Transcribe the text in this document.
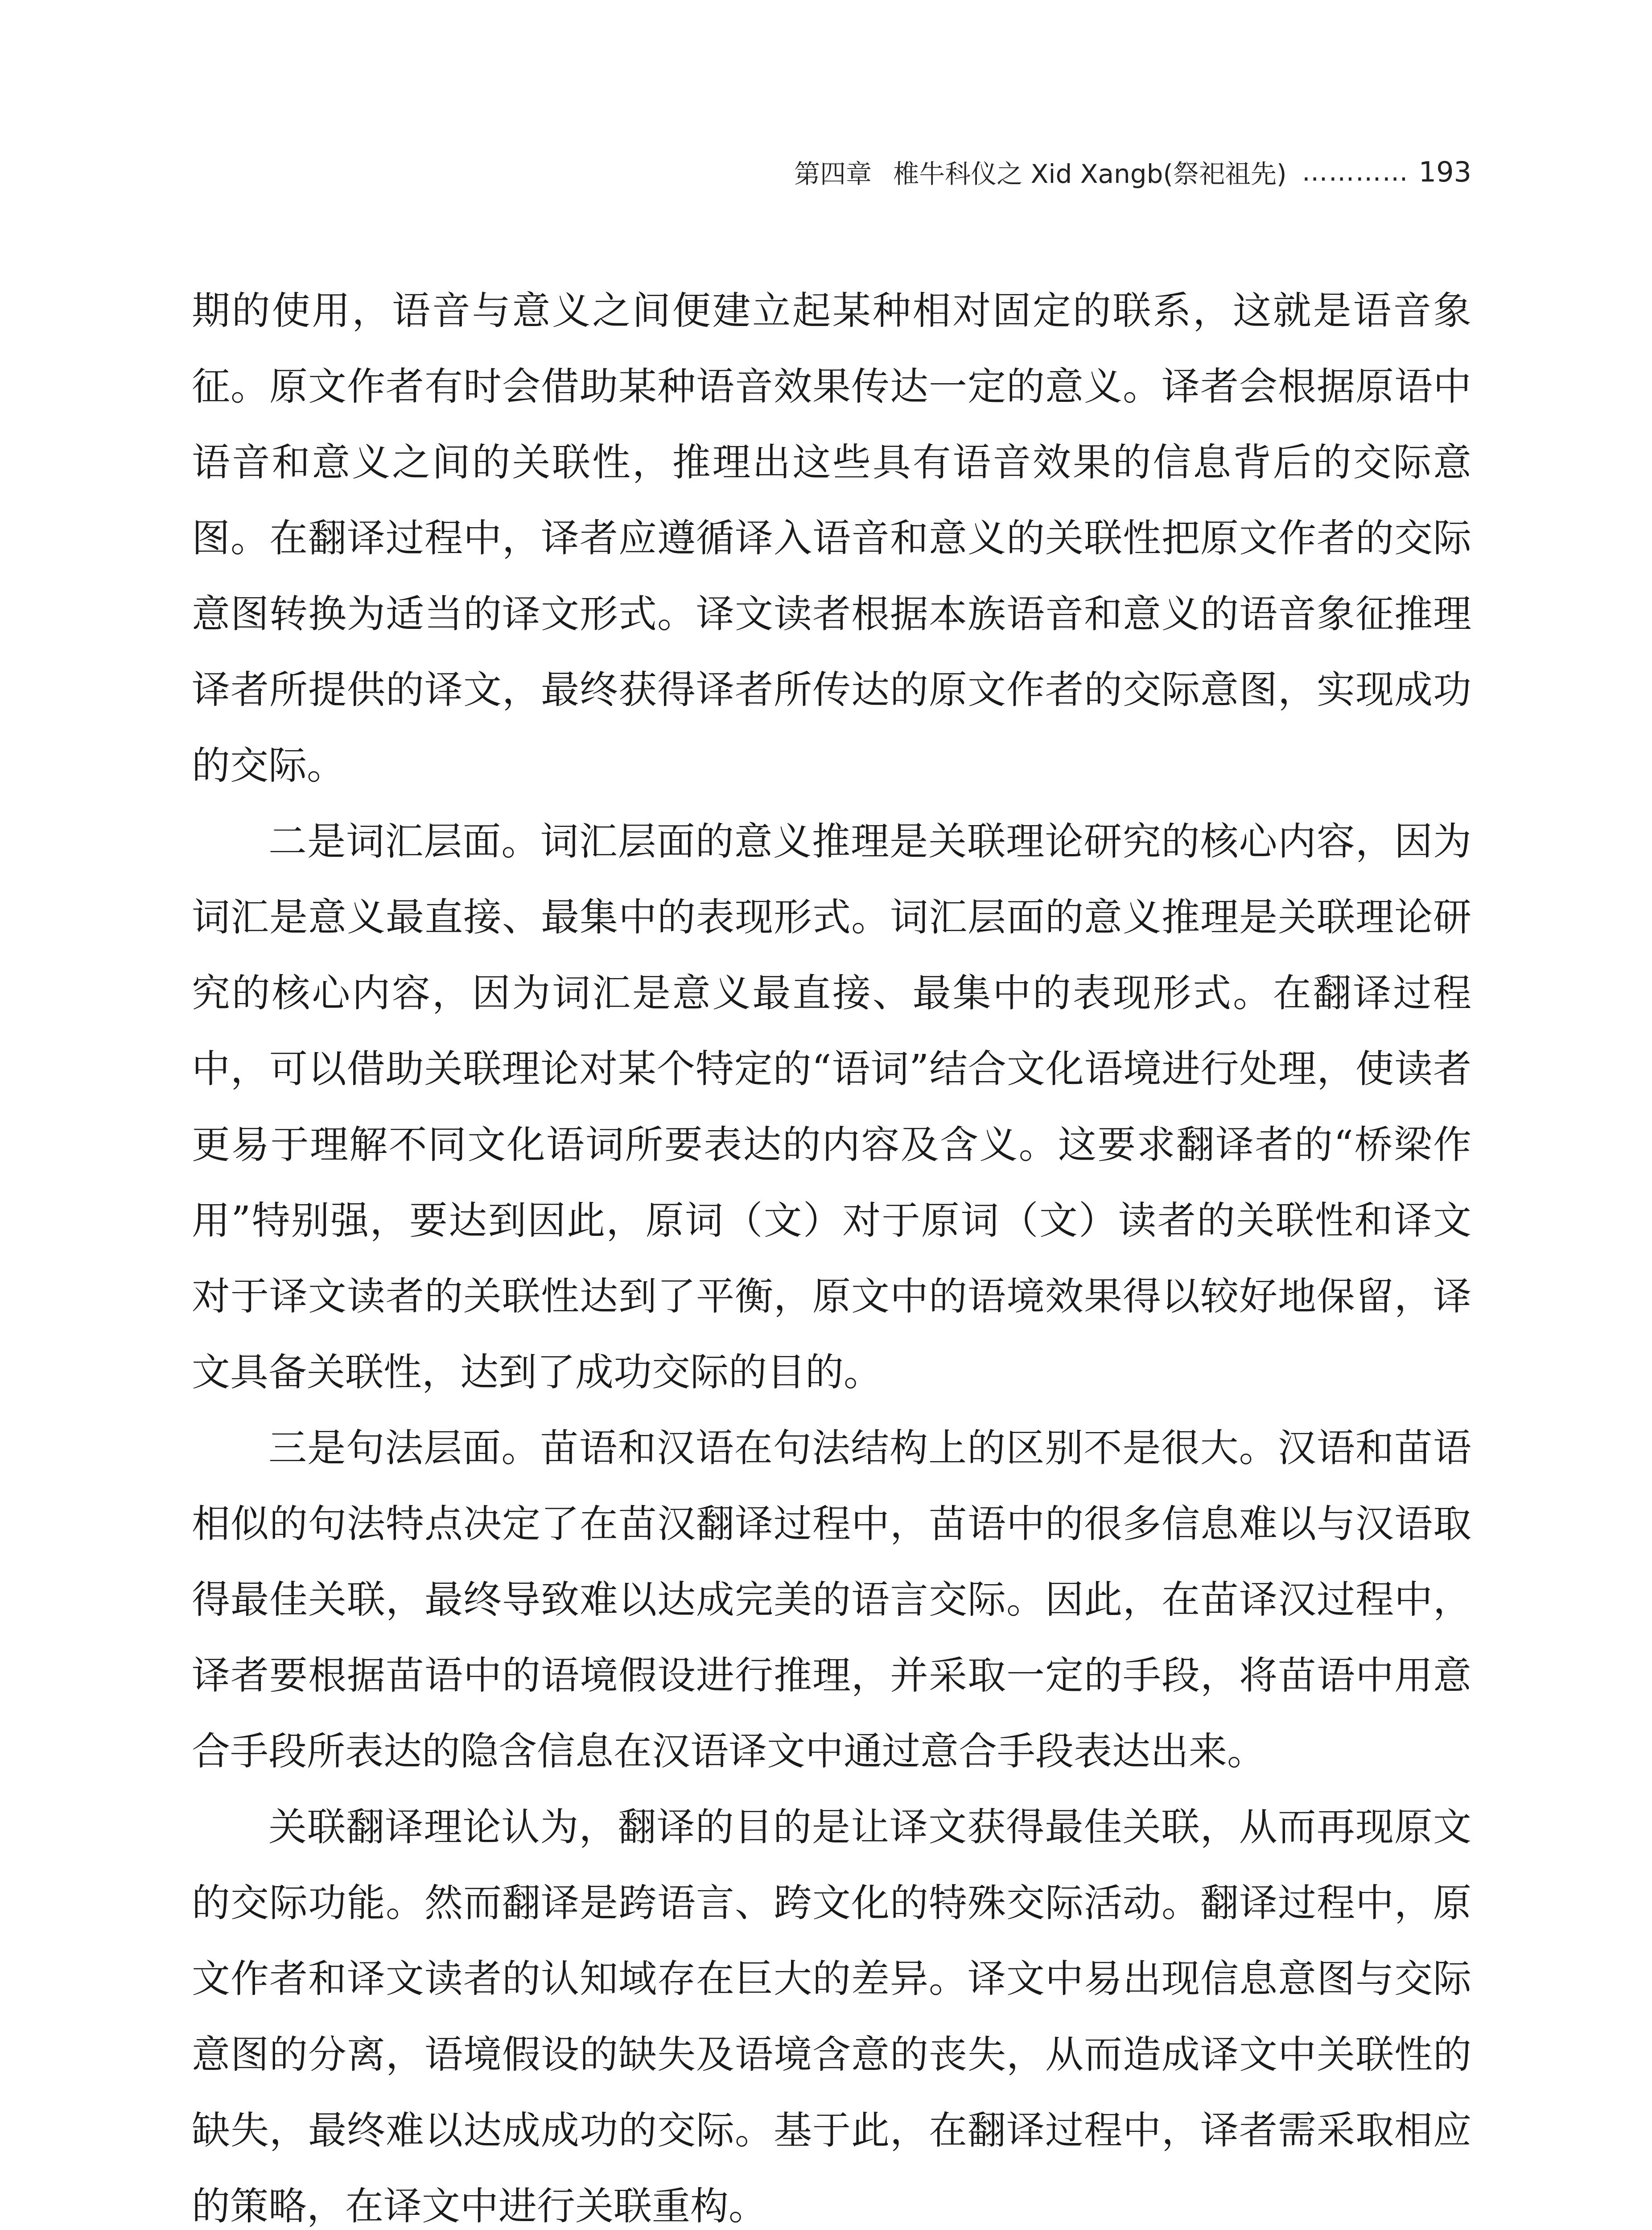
第四章 椎牛科仪之 Xid Xangb(祭祀祖先) ………… 193

期的使用，语音与意义之间便建立起某种相对固定的联系，这就是语音象征。原文作者有时会借助某种语音效果传达一定的意义。译者会根据原语中语音和意义之间的关联性，推理出这些具有语音效果的信息背后的交际意图。在翻译过程中，译者应遵循译入语音和意义的关联性把原文作者的交际意图转换为适当的译文形式。译文读者根据本族语音和意义的语音象征推理译者所提供的译文，最终获得译者所传达的原文作者的交际意图，实现成功的交际。

二是词汇层面。词汇层面的意义推理是关联理论研究的核心内容，因为词汇是意义最直接、最集中的表现形式。词汇层面的意义推理是关联理论研究的核心内容，因为词汇是意义最直接、最集中的表现形式。在翻译过程中，可以借助关联理论对某个特定的“语词”结合文化语境进行处理，使读者更易于理解不同文化语词所要表达的内容及含义。这要求翻译者的“桥梁作用”特别强，要达到因此，原词（文）对于原词（文）读者的关联性和译文对于译文读者的关联性达到了平衡，原文中的语境效果得以较好地保留，译文具备关联性，达到了成功交际的目的。

三是句法层面。苗语和汉语在句法结构上的区别不是很大。汉语和苗语相似的句法特点决定了在苗汉翻译过程中，苗语中的很多信息难以与汉语取得最佳关联，最终导致难以达成完美的语言交际。因此，在苗译汉过程中，译者要根据苗语中的语境假设进行推理，并采取一定的手段，将苗语中用意合手段所表达的隐含信息在汉语译文中通过意合手段表达出来。

关联翻译理论认为，翻译的目的是让译文获得最佳关联，从而再现原文的交际功能。然而翻译是跨语言、跨文化的特殊交际活动。翻译过程中，原文作者和译文读者的认知域存在巨大的差异。译文中易出现信息意图与交际意图的分离，语境假设的缺失及语境含意的丧失，从而造成译文中关联性的缺失，最终难以达成成功的交际。基于此，在翻译过程中，译者需采取相应的策略，在译文中进行关联重构。
